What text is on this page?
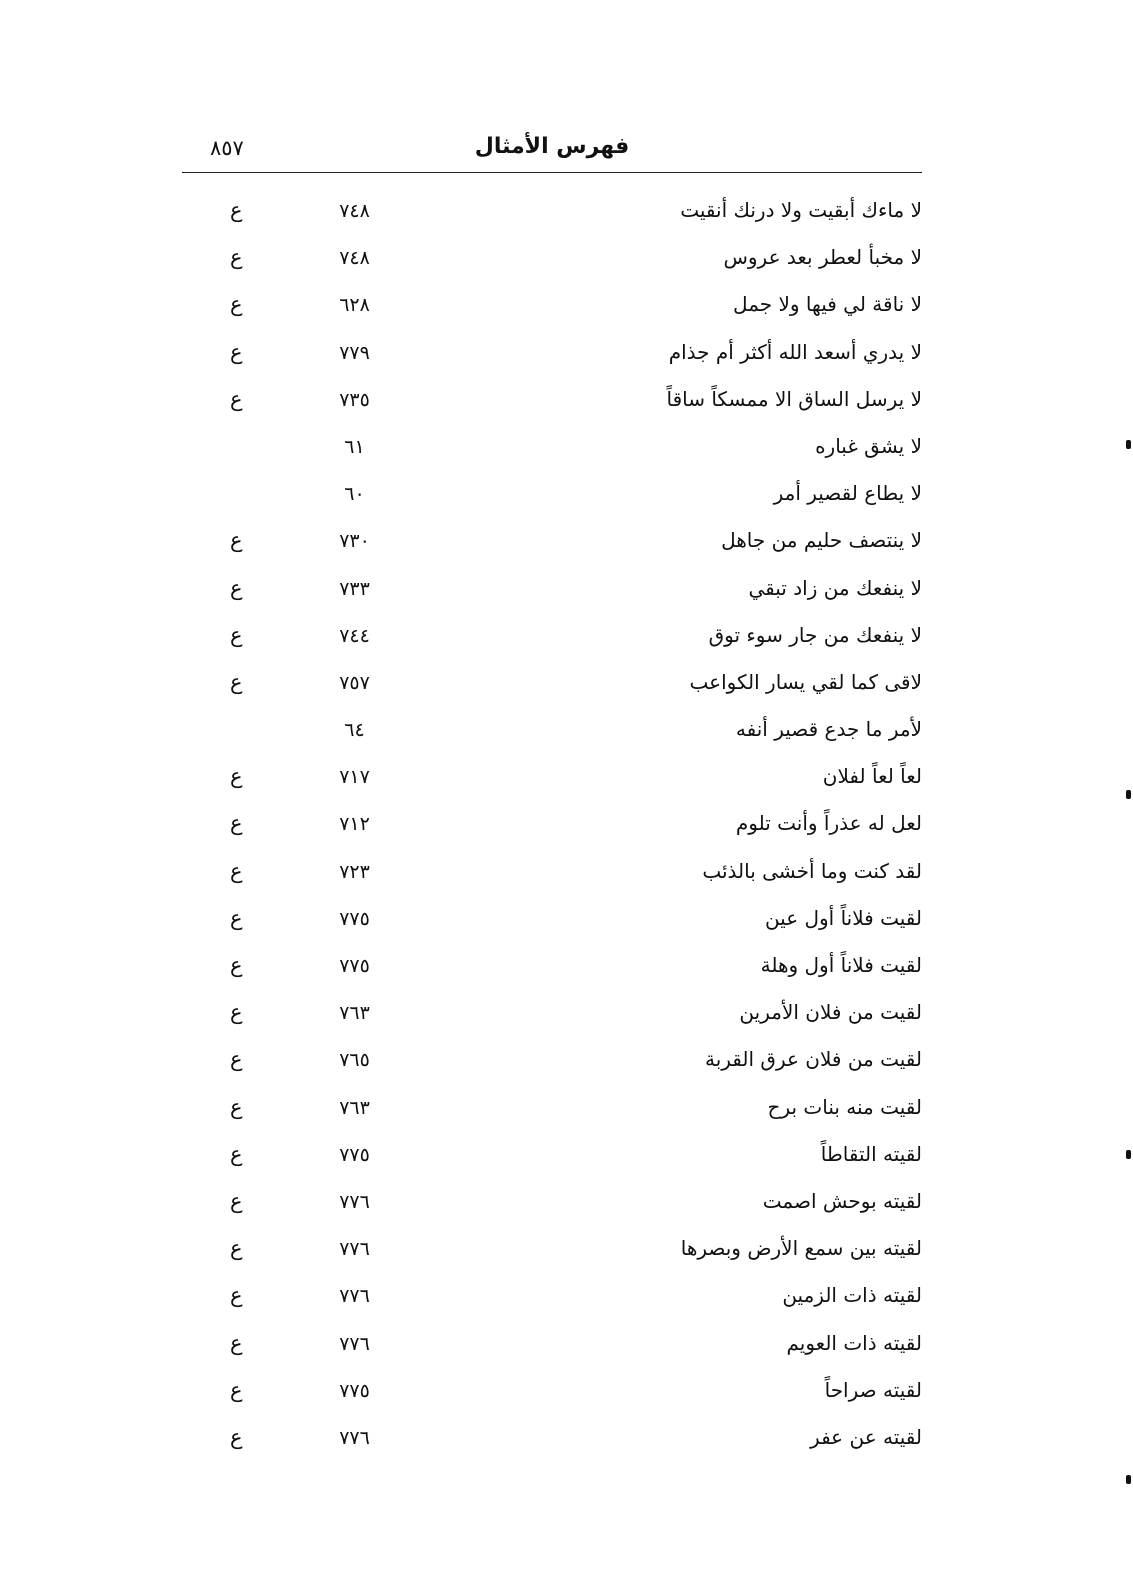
٨٥٧	فهرس الأمثال
لا ماءك أبقيت ولا درنك أنقيت
٧٤٨
ع
لا مخبأ لعطر بعد عروس
٧٤٨
ع
لا ناقة لي فيها ولا جمل
٦٢٨
ع
لا يدري أسعد الله أكثر أم جذام
٧٧٩
ع
لا يرسل الساق الا ممسكاً ساقاً
٧٣٥
ع
لا يشق غباره
٦١
لا يطاع لقصير أمر
٦٠
لا ينتصف حليم من جاهل
٧٣٠
ع
لا ينفعك من زاد تبقي
٧٣٣
ع
لا ينفعك من جار سوء توق
٧٤٤
ع
لاقى كما لقي يسار الكواعب
٧٥٧
ع
لأمر ما جدع قصير أنفه
٦٤
لعاً لعاً لفلان
٧١٧
ع
لعل له عذراً وأنت تلوم
٧١٢
ع
لقد كنت وما أخشى بالذئب
٧٢٣
ع
لقيت فلاناً أول عين
٧٧٥
ع
لقيت فلاناً أول وهلة
٧٧٥
ع
لقيت من فلان الأمرين
٧٦٣
ع
لقيت من فلان عرق القربة
٧٦٥
ع
لقيت منه بنات برح
٧٦٣
ع
لقيته التقاطاً
٧٧٥
ع
لقيته بوحش اصمت
٧٧٦
ع
لقيته بين سمع الأرض وبصرها
٧٧٦
ع
لقيته ذات الزمين
٧٧٦
ع
لقيته ذات العويم
٧٧٦
ع
لقيته صراحاً
٧٧٥
ع
لقيته عن عفر
٧٧٦
ع
